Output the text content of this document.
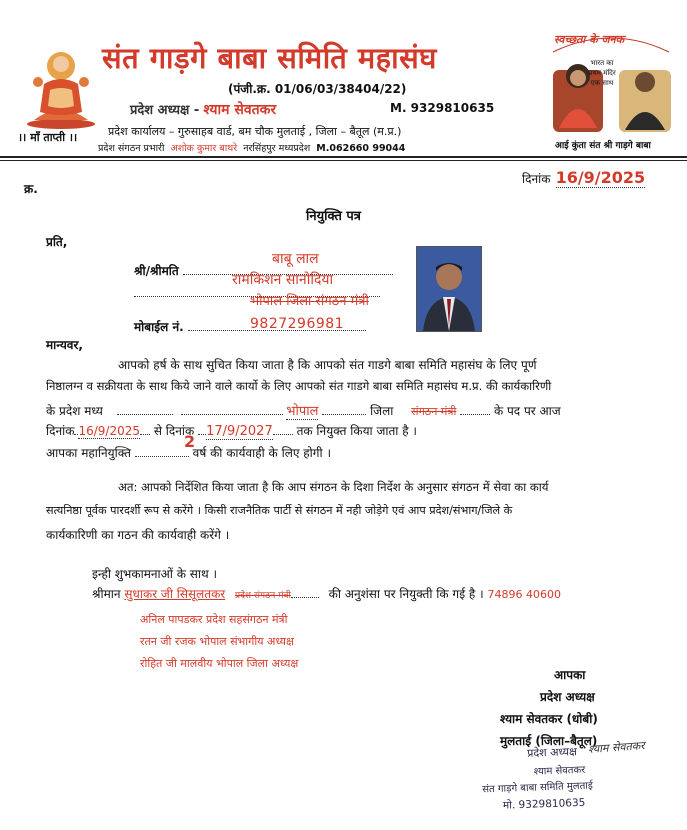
।। माँ ताप्ती ।।
संत गाड़गे बाबा समिति महासंघ
(पंजी.क्र. 01/06/03/38404/22)
प्रदेश अध्यक्ष - श्याम सेवतकर	M. 9329810635
प्रदेश कार्यालय – गुरुसाहब वार्ड, बम चौक मुलताई , जिला – बैतूल (म.प्र.)
प्रदेश संगठन प्रभारी अशोक कुमार बाथरे नरसिंहपुर मध्यप्रदेश M.062660 99044
स्वच्छता के जनक
भारत का प्रथम मंदिर एक साथ
आई कुंता संत श्री गाड़गे बाबा
क्र.
दिनांक 16/9/2025
नियुक्ति पत्र
प्रति,
श्री/श्रीमति
बाबू लाल
रामकिशन सानोदिया
भोपाल जिला संगठन मंत्री
मोबाईल नं.	9827296981
मान्यवर,
आपको हर्ष के साथ सुचित किया जाता है कि आपको संत गाडगे बाबा समिति महासंघ के लिए पूर्ण
निष्ठालग्न व सक्रीयता के साथ किये जाने वाले कार्यो के लिए आपको संत गाडगे बाबा समिति महासंघ म.प्र. की कार्यकारिणी
के प्रदेश मध्य	भोपाल	जिला संगठन मंत्री	के पद पर आज
दिनांक 16/9/2025 से दिनांक 17/9/2027 तक नियुक्त किया जाता है ।
आपका महानियुक्ति	वर्ष की कार्यवाही के लिए होगी ।
2
अत: आपको निर्देशित किया जाता है कि आप संगठन के दिशा निर्देश के अनुसार संगठन में सेवा का कार्य
सत्यनिष्ठा पूर्वक पारदर्शी रूप से करेंगे । किसी राजनैतिक पार्टी से संगठन में नही जोड़ेगे एवं आप प्रदेश/संभाग/जिले के
कार्यकारिणी का गठन की कार्यवाही करेंगे ।
इन्ही शुभकामनाओं के साथ ।
श्रीमान सुधाकर जी सिसूलतकर प्रदेश संगठन मंत्री	की अनुशंसा पर नियुक्ती कि गई है । 74896 40600
अनिल पापडकर प्रदेश सहसंगठन मंत्री
रतन जी रजक भोपाल संभागीय अध्यक्ष
रोहित जी मालवीय भोपाल जिला अध्यक्ष
आपका
प्रदेश अध्यक्ष
श्याम सेवतकर (धोबी)
मुलताई (जिला–बैतूल)
प्रदेश अध्यक्ष
श्याम सेवतकर
संत गाड़गे बाबा समिति मुलताई
मो. 9329810635
श्याम सेवतकर
